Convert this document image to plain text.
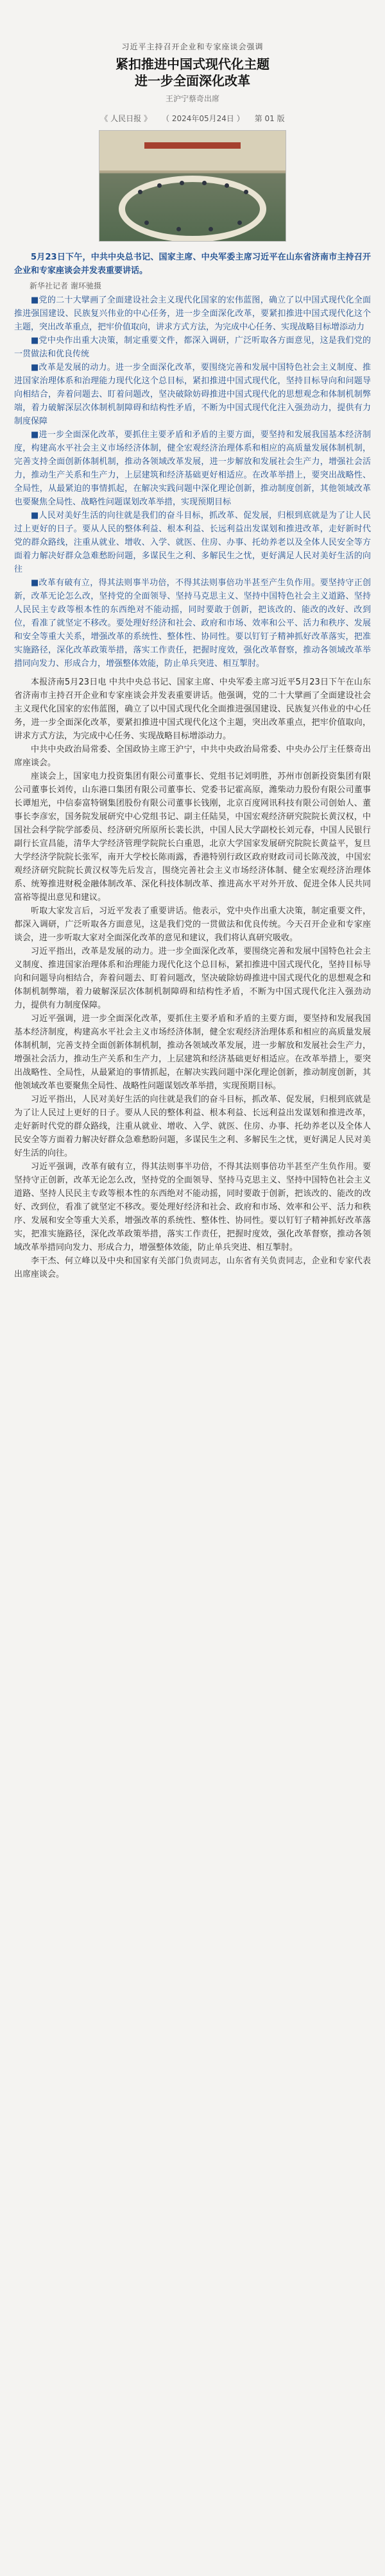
习近平主持召开企业和专家座谈会强调
紧扣推进中国式现代化主题
进一步全面深化改革
王沪宁蔡奇出席
《 人民日报 》 （ 2024年05月24日 ） 第 01 版

5月23日下午，中共中央总书记、国家主席、中央军委主席习近平在山东省济南市主持召开企业和专家座谈会并发表重要讲话。

新华社记者 谢环驰摄

■党的二十大擘画了全面建设社会主义现代化国家的宏伟蓝图，确立了以中国式现代化全面推进强国建设、民族复兴伟业的中心任务，进一步全面深化改革，要紧扣推进中国式现代化这个主题，突出改革重点，把牢价值取向，讲求方式方法，为完成中心任务、实现战略目标增添动力

■党中央作出重大决策，制定重要文件，都深入调研，广泛听取各方面意见，这是我们党的一贯做法和优良传统

■改革是发展的动力。进一步全面深化改革，要围绕完善和发展中国特色社会主义制度、推进国家治理体系和治理能力现代化这个总目标，紧扣推进中国式现代化，坚持目标导向和问题导向相结合，奔着问题去、盯着问题改，坚决破除妨碍推进中国式现代化的思想观念和体制机制弊端，着力破解深层次体制机制障碍和结构性矛盾，不断为中国式现代化注入强劲动力，提供有力制度保障

■进一步全面深化改革，要抓住主要矛盾和矛盾的主要方面，要坚持和发展我国基本经济制度，构建高水平社会主义市场经济体制，健全宏观经济治理体系和相应的高质量发展体制机制，完善支持全面创新体制机制，推动各领域改革发展，进一步解放和发展社会生产力，增强社会活力，推动生产关系和生产力，上层建筑和经济基础更好相适应。在改革举措上，要突出战略性、全局性，从最紧迫的事情抓起，在解决实践问题中深化理论创新，推动制度创新，其他领域改革也要聚焦全局性、战略性问题谋划改革举措，实现预期目标

■人民对美好生活的向往就是我们的奋斗目标，抓改革、促发展，归根到底就是为了让人民过上更好的日子。要从人民的整体利益、根本利益、长远利益出发谋划和推进改革，走好新时代党的群众路线，注重从就业、增收、入学、就医、住房、办事、托幼养老以及全体人民安全等方面着力解决好群众急难愁盼问题，多谋民生之利、多解民生之忧，更好满足人民对美好生活的向往

■改革有破有立，得其法则事半功倍，不得其法则事倍功半甚至产生负作用。要坚持守正创新，改革无论怎么改，坚持党的全面领导、坚持马克思主义、坚持中国特色社会主义道路、坚持人民民主专政等根本性的东西绝对不能动摇，同时要敢于创新，把该改的、能改的改好、改到位，看准了就坚定不移改。要处理好经济和社会、政府和市场、效率和公平、活力和秩序、发展和安全等重大关系，增强改革的系统性、整体性、协同性。要以钉钉子精神抓好改革落实，把准实施路径，深化改革政策举措，落实工作责任，把握时度效，强化改革督察，推动各领域改革举措同向发力、形成合力，增强整体效能，防止单兵突进、相互掣肘。

本报济南5月23日电 中共中央总书记、国家主席、中央军委主席习近平5月23日下午在山东省济南市主持召开企业和专家座谈会并发表重要讲话。他强调，党的二十大擘画了全面建设社会主义现代化国家的宏伟蓝图，确立了以中国式现代化全面推进强国建设、民族复兴伟业的中心任务，进一步全面深化改革，要紧扣推进中国式现代化这个主题，突出改革重点，把牢价值取向，讲求方式方法，为完成中心任务、实现战略目标增添动力。

中共中央政治局常委、全国政协主席王沪宁，中共中央政治局常委、中央办公厅主任蔡奇出席座谈会。

座谈会上，国家电力投资集团有限公司董事长、党组书记刘明胜，苏州市创新投资集团有限公司董事长刘传，山东港口集团有限公司董事长、党委书记霍高原，潍柴动力股份有限公司董事长谭旭光，中信泰富特钢集团股份有限公司董事长钱刚，北京百度网讯科技有限公司创始人、董事长李彦宏，国务院发展研究中心党组书记、副主任陆昊，中国宏观经济研究院院长黄汉权，中国社会科学院学部委员、经济研究所原所长裴长洪，中国人民大学副校长刘元春，中国人民银行副行长宣昌能，清华大学经济管理学院院长白重恩，北京大学国家发展研究院院长黄益平，复旦大学经济学院院长张军，南开大学校长陈雨露，香港特别行政区政府财政司司长陈茂波，中国宏观经济研究院院长黄汉权等先后发言，围绕完善社会主义市场经济体制、健全宏观经济治理体系、统筹推进财税金融体制改革、深化科技体制改革、推进高水平对外开放、促进全体人民共同富裕等提出意见和建议。

听取大家发言后，习近平发表了重要讲话。他表示，党中央作出重大决策，制定重要文件，都深入调研，广泛听取各方面意见，这是我们党的一贯做法和优良传统。今天召开企业和专家座谈会，进一步听取大家对全面深化改革的意见和建议，我们将认真研究吸收。

习近平指出，改革是发展的动力。进一步全面深化改革，要围绕完善和发展中国特色社会主义制度、推进国家治理体系和治理能力现代化这个总目标，紧扣推进中国式现代化，坚持目标导向和问题导向相结合，奔着问题去、盯着问题改，坚决破除妨碍推进中国式现代化的思想观念和体制机制弊端，着力破解深层次体制机制障碍和结构性矛盾，不断为中国式现代化注入强劲动力，提供有力制度保障。

习近平强调，进一步全面深化改革，要抓住主要矛盾和矛盾的主要方面，要坚持和发展我国基本经济制度，构建高水平社会主义市场经济体制，健全宏观经济治理体系和相应的高质量发展体制机制，完善支持全面创新体制机制，推动各领域改革发展，进一步解放和发展社会生产力，增强社会活力，推动生产关系和生产力，上层建筑和经济基础更好相适应。在改革举措上，要突出战略性、全局性，从最紧迫的事情抓起，在解决实践问题中深化理论创新，推动制度创新，其他领域改革也要聚焦全局性、战略性问题谋划改革举措，实现预期目标。

习近平指出，人民对美好生活的向往就是我们的奋斗目标，抓改革、促发展，归根到底就是为了让人民过上更好的日子。要从人民的整体利益、根本利益、长远利益出发谋划和推进改革，走好新时代党的群众路线，注重从就业、增收、入学、就医、住房、办事、托幼养老以及全体人民安全等方面着力解决好群众急难愁盼问题，多谋民生之利、多解民生之忧，更好满足人民对美好生活的向往。

习近平强调，改革有破有立，得其法则事半功倍，不得其法则事倍功半甚至产生负作用。要坚持守正创新，改革无论怎么改，坚持党的全面领导、坚持马克思主义、坚持中国特色社会主义道路、坚持人民民主专政等根本性的东西绝对不能动摇，同时要敢于创新，把该改的、能改的改好、改到位，看准了就坚定不移改。要处理好经济和社会、政府和市场、效率和公平、活力和秩序、发展和安全等重大关系，增强改革的系统性、整体性、协同性。要以钉钉子精神抓好改革落实，把准实施路径，深化改革政策举措，落实工作责任，把握时度效，强化改革督察，推动各领域改革举措同向发力、形成合力，增强整体效能，防止单兵突进、相互掣肘。

李干杰、何立峰以及中央和国家有关部门负责同志，山东省有关负责同志，企业和专家代表出席座谈会。
